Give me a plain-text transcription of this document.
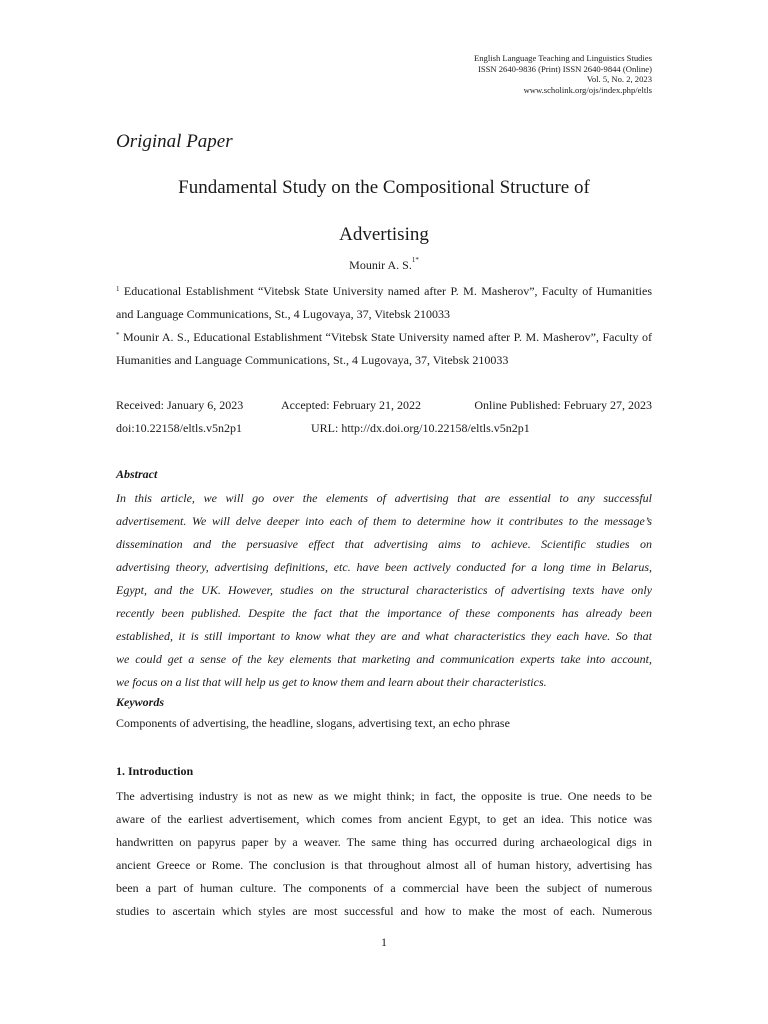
English Language Teaching and Linguistics Studies
ISSN 2640-9836 (Print) ISSN 2640-9844 (Online)
Vol. 5, No. 2, 2023
www.scholink.org/ojs/index.php/eltls
Original Paper
Fundamental Study on the Compositional Structure of
Advertising
Mounir A. S.$^{1*}$
$^1$ Educational Establishment “Vitebsk State University named after P. M. Masherov”, Faculty of Humanities and Language Communications, St., 4 Lugovaya, 37, Vitebsk 210033
* Mounir A. S., Educational Establishment “Vitebsk State University named after P. M. Masherov”, Faculty of Humanities and Language Communications, St., 4 Lugovaya, 37, Vitebsk 210033
Received: January 6, 2023	Accepted: February 21, 2022	Online Published: February 27, 2023
doi:10.22158/eltls.v5n2p1	URL: http://dx.doi.org/10.22158/eltls.v5n2p1
Abstract
In this article, we will go over the elements of advertising that are essential to any successful
advertisement. We will delve deeper into each of them to determine how it contributes to the message’s
dissemination and the persuasive effect that advertising aims to achieve. Scientific studies on
advertising theory, advertising definitions, etc. have been actively conducted for a long time in Belarus,
Egypt, and the UK. However, studies on the structural characteristics of advertising texts have only
recently been published. Despite the fact that the importance of these components has already been
established, it is still important to know what they are and what characteristics they each have. So that
we could get a sense of the key elements that marketing and communication experts take into account,
we focus on a list that will help us get to know them and learn about their characteristics.
Keywords
Components of advertising, the headline, slogans, advertising text, an echo phrase
1. Introduction
The advertising industry is not as new as we might think; in fact, the opposite is true. One needs to be
aware of the earliest advertisement, which comes from ancient Egypt, to get an idea. This notice was
handwritten on papyrus paper by a weaver. The same thing has occurred during archaeological digs in
ancient Greece or Rome. The conclusion is that throughout almost all of human history, advertising has
been a part of human culture. The components of a commercial have been the subject of numerous
studies to ascertain which styles are most successful and how to make the most of each. Numerous
1
